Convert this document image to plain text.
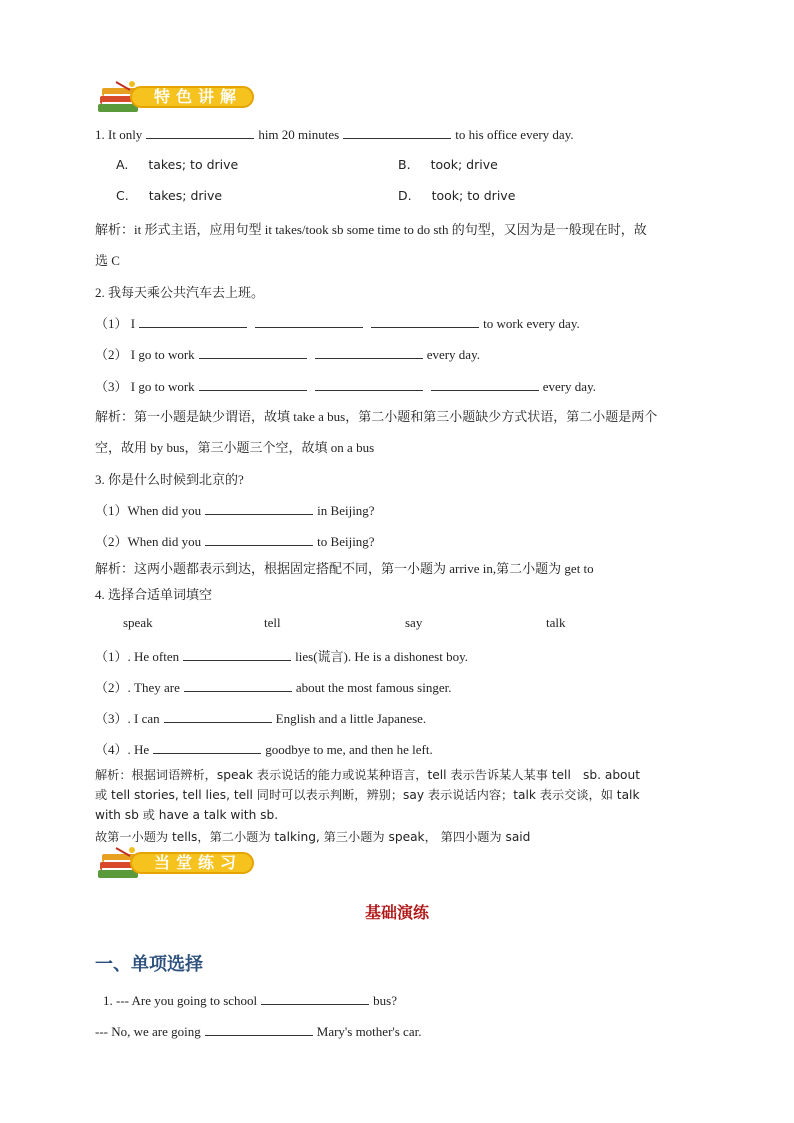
特色讲解
1. It only	him 20 minutes	to his office every day.
A. takes; to drive	B. took; drive
C. takes; drive	D. took; to drive
解析：it 形式主语，应用句型 it takes/took sb some time to do sth 的句型，又因为是一般现在时，故
选 C
2. 我每天乘公共汽车去上班。
（1） I	to work every day.
（2） I go to work	every day.
（3） I go to work	every day.
解析：第一小题是缺少谓语，故填 take a bus，第二小题和第三小题缺少方式状语，第二小题是两个
空，故用 by bus，第三小题三个空，故填 on a bus
3. 你是什么时候到北京的?
（1）When did you	in Beijing?
（2）When did you	to Beijing?
解析：这两小题都表示到达，根据固定搭配不同，第一小题为 arrive in,第二小题为 get to
4. 选择合适单词填空
speak	tell	say	talk
（1）. He often	lies(谎言). He is a dishonest boy.
（2）. They are	about the most famous singer.
（3）. I can	English and a little Japanese.
（4）. He	goodbye to me, and then he left.
解析：根据词语辨析，speak 表示说话的能力或说某种语言，tell 表示告诉某人某事 tell　sb. about
或 tell stories, tell lies, tell 同时可以表示判断，辨别；say 表示说话内容；talk 表示交谈，如 talk
with sb 或 have a talk with sb.
故第一小题为 tells，第二小题为 talking, 第三小题为 speak， 第四小题为 said
当堂练习
基础演练
一、单项选择
1. --- Are you going to school	bus?
--- No, we are going	Mary's mother's car.
